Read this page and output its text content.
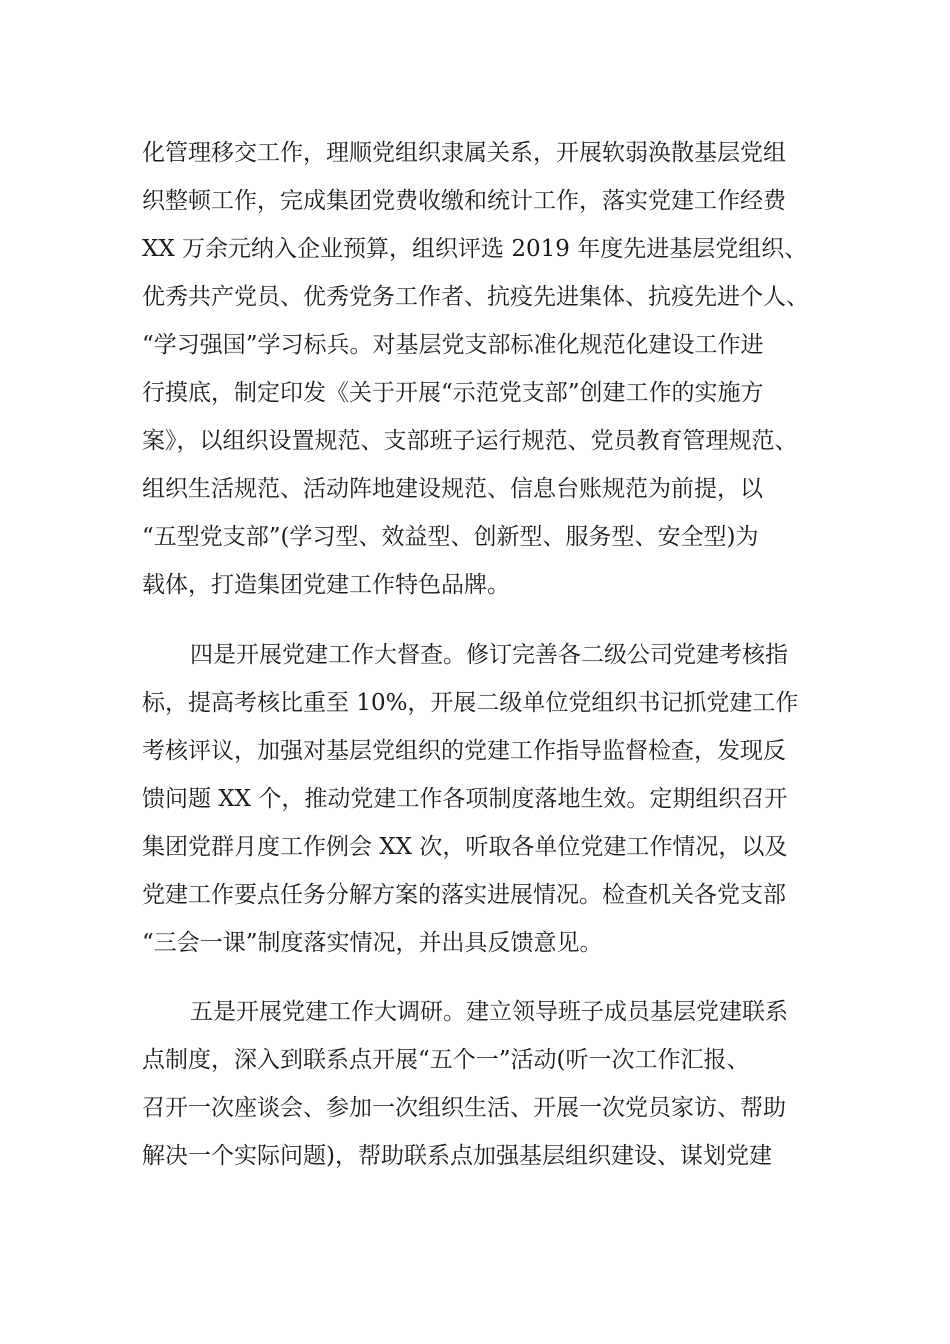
化管理移交工作，理顺党组织隶属关系，开展软弱涣散基层党组
织整顿工作，完成集团党费收缴和统计工作，落实党建工作经费
XX 万余元纳入企业预算，组织评选 2019 年度先进基层党组织、
优秀共产党员、优秀党务工作者、抗疫先进集体、抗疫先进个人、
“学习强国”学习标兵。对基层党支部标准化规范化建设工作进
行摸底，制定印发《关于开展“示范党支部”创建工作的实施方
案》，以组织设置规范、支部班子运行规范、党员教育管理规范、
组织生活规范、活动阵地建设规范、信息台账规范为前提，以
“五型党支部”(学习型、效益型、创新型、服务型、安全型)为
载体，打造集团党建工作特色品牌。
四是开展党建工作大督查。修订完善各二级公司党建考核指
标，提高考核比重至 10%，开展二级单位党组织书记抓党建工作
考核评议，加强对基层党组织的党建工作指导监督检查，发现反
馈问题 XX 个，推动党建工作各项制度落地生效。定期组织召开
集团党群月度工作例会 XX 次，听取各单位党建工作情况，以及
党建工作要点任务分解方案的落实进展情况。检查机关各党支部
“三会一课”制度落实情况，并出具反馈意见。
五是开展党建工作大调研。建立领导班子成员基层党建联系
点制度，深入到联系点开展“五个一”活动(听一次工作汇报、
召开一次座谈会、参加一次组织生活、开展一次党员家访、帮助
解决一个实际问题)，帮助联系点加强基层组织建设、谋划党建
